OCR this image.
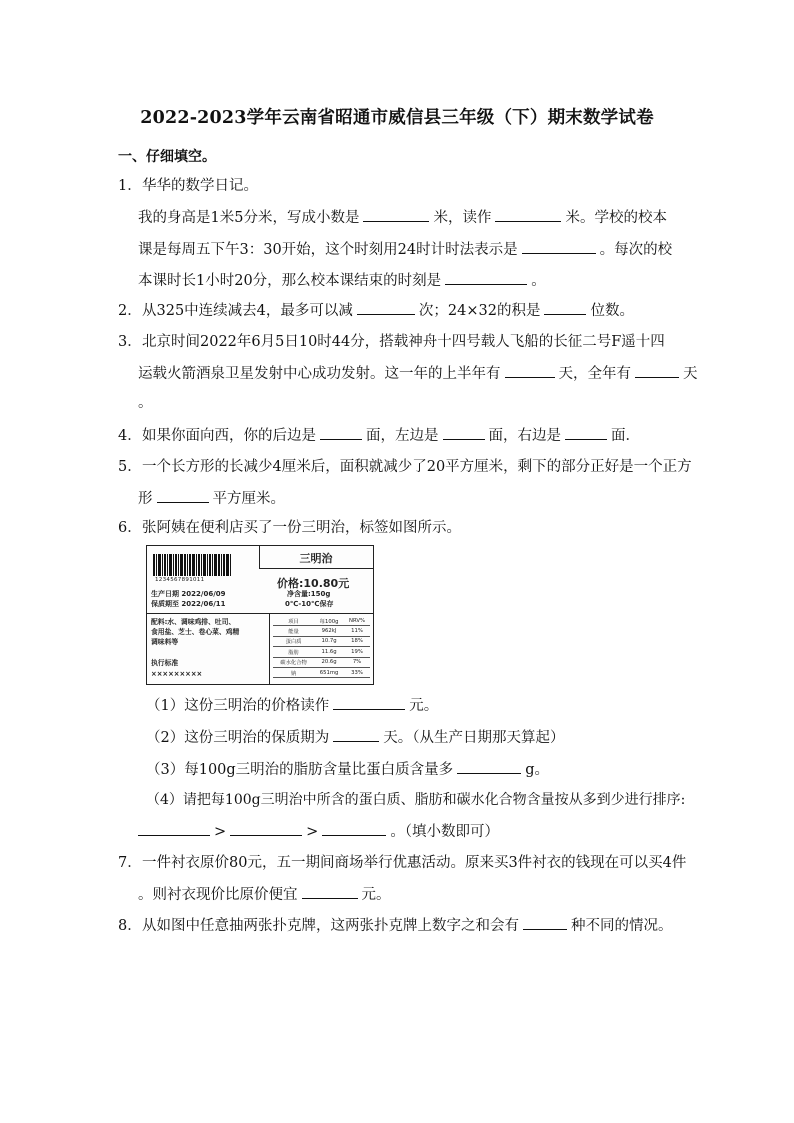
2022-2023学年云南省昭通市威信县三年级（下）期末数学试卷
一、仔细填空。
1．华华的数学日记。
我的身高是1米5分米，写成小数是	米，读作	米。学校的校本
课是每周五下午3：30开始，这个时刻用24时计时法表示是	。每次的校
本课时长1小时20分，那么校本课结束的时刻是	。
2．从325中连续减去4，最多可以减	次；24×32的积是	位数。
3．北京时间2022年6月5日10时44分，搭载神舟十四号载人飞船的长征二号F遥十四
运载火箭酒泉卫星发射中心成功发射。这一年的上半年有	天，全年有	天
。
4．如果你面向西，你的后边是	面，左边是	面，右边是	面．
5．一个长方形的长减少4厘米后，面积就减少了20平方厘米，剩下的部分正好是一个正方
形	平方厘米。
6．张阿姨在便利店买了一份三明治，标签如图所示。
1234567891011
三明治
价格:10.80元
净含量:150g
0℃-10℃保存
生产日期 2022/06/09
保质期至 2022/06/11
配料:水、调味鸡排、吐司、
食用盐、芝士、卷心菜、鸡精
调味料等
执行标准
×××××××××
项目	每100g	NRV%
能量	962kJ	11%
蛋白质	10.7g	18%
脂肪	11.6g	19%
碳水化合物	20.6g	7%
钠	651mg	33%
（1）这份三明治的价格读作	元。
（2）这份三明治的保质期为	天。（从生产日期那天算起）
（3）每100g三明治的脂肪含量比蛋白质含量多	g。
（4）请把每100g三明治中所含的蛋白质、脂肪和碳水化合物含量按从多到少进行排序:
>	>	。（填小数即可）
7．一件衬衣原价80元，五一期间商场举行优惠活动。原来买3件衬衣的钱现在可以买4件
。则衬衣现价比原价便宜	元。
8．从如图中任意抽两张扑克牌，这两张扑克牌上数字之和会有	种不同的情况。
